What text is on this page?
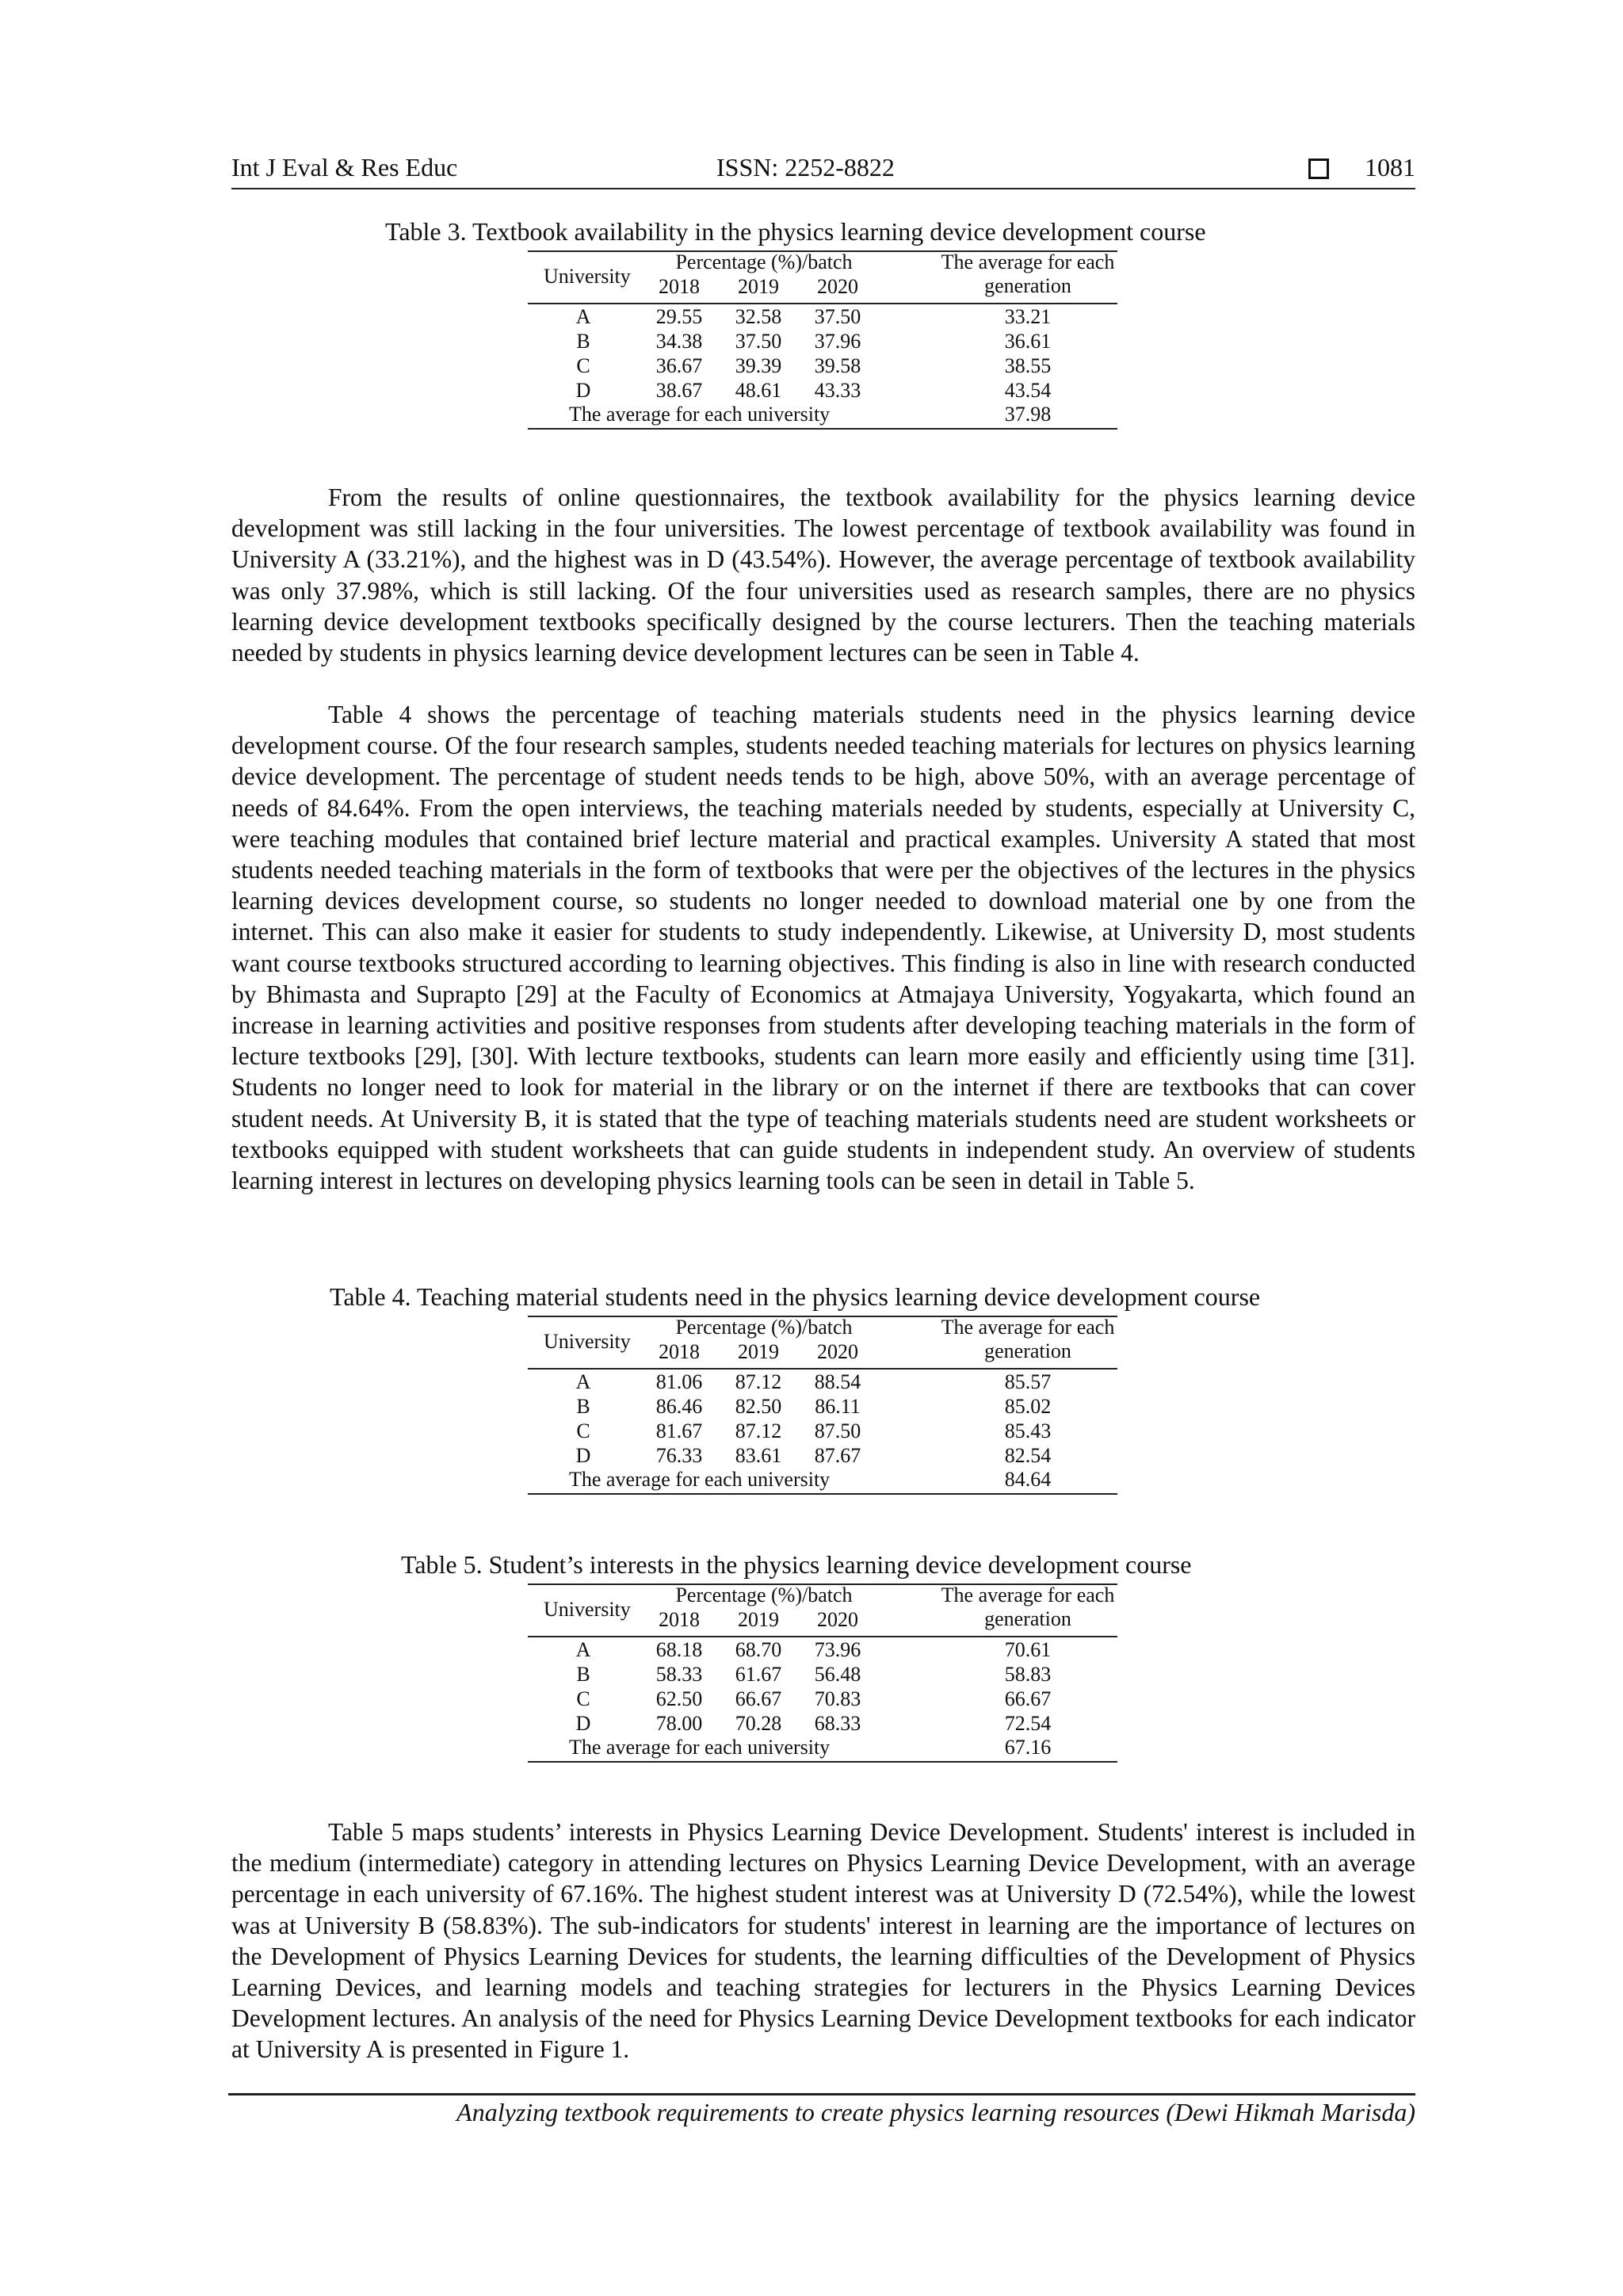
Int J Eval & Res Educ	ISSN: 2252-8822	1081
Table 3. Textbook availability in the physics learning device development course
University
Percentage (%)/batch
2018	2019	2020
The average for each generation
A	29.55	32.58	37.50	33.21
B	34.38	37.50	37.96	36.61
C	36.67	39.39	39.58	38.55
D	38.67	48.61	43.33	43.54
The average for each university	37.98

From the results of online questionnaires, the textbook availability for the physics learning device development was still lacking in the four universities. The lowest percentage of textbook availability was found in University A (33.21%), and the highest was in D (43.54%). However, the average percentage of textbook availability was only 37.98%, which is still lacking. Of the four universities used as research samples, there are no physics learning device development textbooks specifically designed by the course lecturers. Then the teaching materials needed by students in physics learning device development lectures can be seen in Table 4.

Table 4 shows the percentage of teaching materials students need in the physics learning device development course. Of the four research samples, students needed teaching materials for lectures on physics learning device development. The percentage of student needs tends to be high, above 50%, with an average percentage of needs of 84.64%. From the open interviews, the teaching materials needed by students, especially at University C, were teaching modules that contained brief lecture material and practical examples. University A stated that most students needed teaching materials in the form of textbooks that were per the objectives of the lectures in the physics learning devices development course, so students no longer needed to download material one by one from the internet. This can also make it easier for students to study independently. Likewise, at University D, most students want course textbooks structured according to learning objectives. This finding is also in line with research conducted by Bhimasta and Suprapto [29] at the Faculty of Economics at Atmajaya University, Yogyakarta, which found an increase in learning activities and positive responses from students after developing teaching materials in the form of lecture textbooks [29], [30]. With lecture textbooks, students can learn more easily and efficiently using time [31]. Students no longer need to look for material in the library or on the internet if there are textbooks that can cover student needs. At University B, it is stated that the type of teaching materials students need are student worksheets or textbooks equipped with student worksheets that can guide students in independent study. An overview of students learning interest in lectures on developing physics learning tools can be seen in detail in Table 5.

Table 4. Teaching material students need in the physics learning device development course
University
Percentage (%)/batch
2018	2019	2020
The average for each generation
A	81.06	87.12	88.54	85.57
B	86.46	82.50	86.11	85.02
C	81.67	87.12	87.50	85.43
D	76.33	83.61	87.67	82.54
The average for each university	84.64
Table 5. Student’s interests in the physics learning device development course
University
Percentage (%)/batch
2018	2019	2020
The average for each generation
A	68.18	68.70	73.96	70.61
B	58.33	61.67	56.48	58.83
C	62.50	66.67	70.83	66.67
D	78.00	70.28	68.33	72.54
The average for each university	67.16

Table 5 maps students’ interests in Physics Learning Device Development. Students' interest is included in the medium (intermediate) category in attending lectures on Physics Learning Device Development, with an average percentage in each university of 67.16%. The highest student interest was at University D (72.54%), while the lowest was at University B (58.83%). The sub-indicators for students' interest in learning are the importance of lectures on the Development of Physics Learning Devices for students, the learning difficulties of the Development of Physics Learning Devices, and learning models and teaching strategies for lecturers in the Physics Learning Devices Development lectures. An analysis of the need for Physics Learning Device Development textbooks for each indicator at University A is presented in Figure 1.

Analyzing textbook requirements to create physics learning resources (Dewi Hikmah Marisda)
